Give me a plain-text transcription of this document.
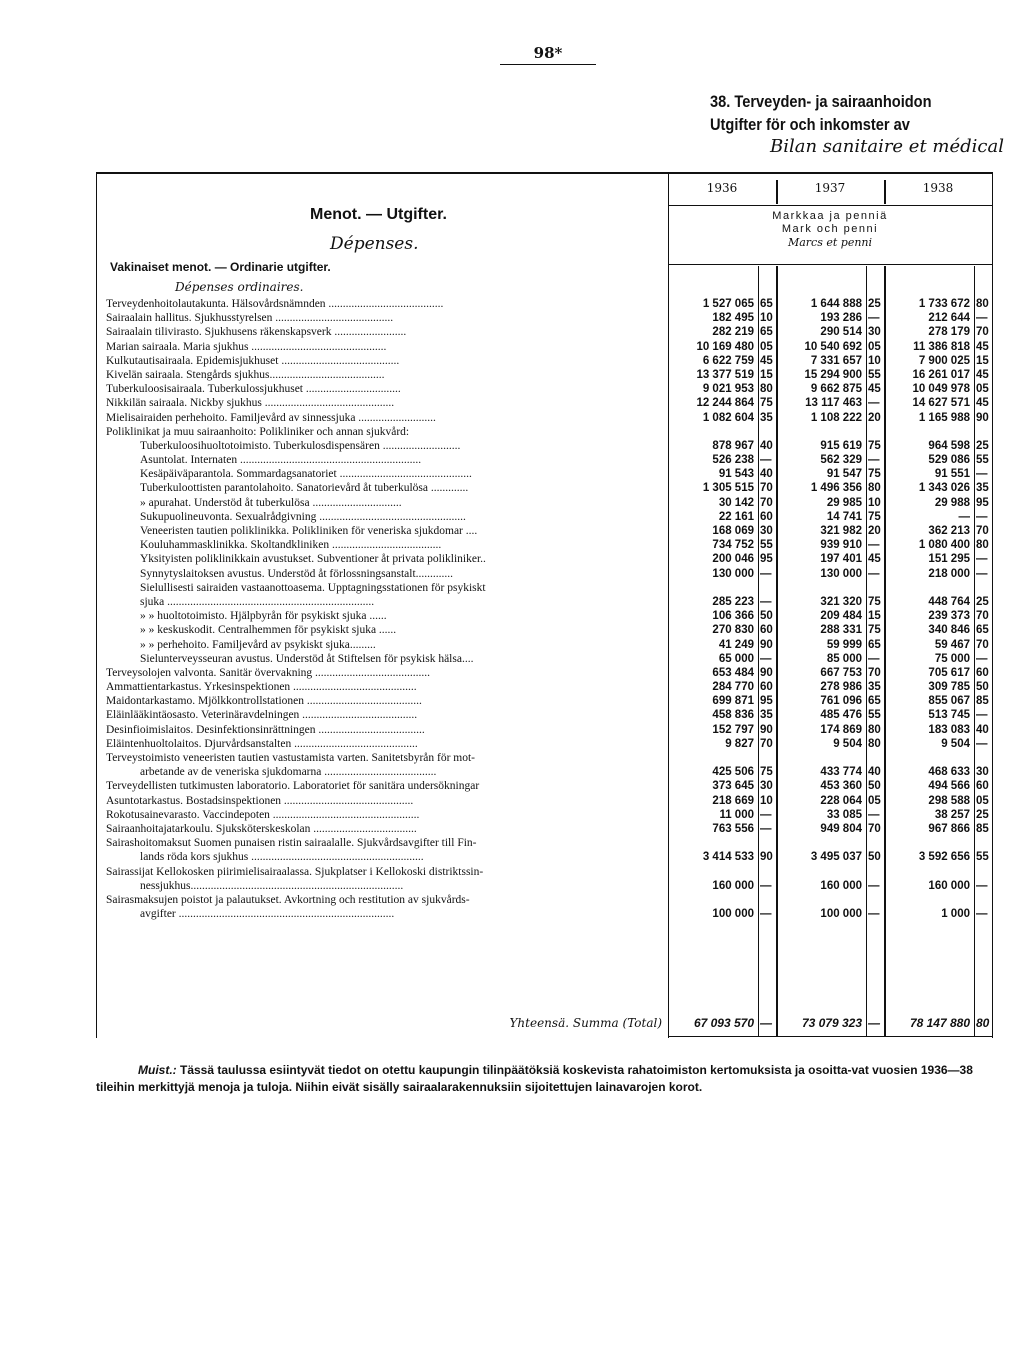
98*
38. Terveyden- ja sairaanhoidon
Utgifter för och inkomster av
Bilan sanitaire et médical
Menot. — Utgifter.
Dépenses.
Vakinaiset menot. — Ordinarie utgifter.
Dépenses ordinaires.
1936	1937	1938
Markkaa ja penniä
Mark och penni
Marcs et penni
Terveydenhoitolautakunta. Hälsovårdsnämnden ........................................	1 527 065 65	1 644 888 25	1 733 672 80
Sairaalain hallitus. Sjukhusstyrelsen .........................................	182 495 10	193 286 —	212 644 —
Sairaalain tilivirasto. Sjukhusens räkenskapsverk .........................	282 219 65	290 514 30	278 179 70
Marian sairaala. Maria sjukhus ...............................................	10 169 480 05	10 540 692 05	11 386 818 45
Kulkutautisairaala. Epidemisjukhuset .........................................	6 622 759 45	7 331 657 10	7 900 025 15
Kivelän sairaala. Stengårds sjukhus........................................	13 377 519 15	15 294 900 55	16 261 017 45
Tuberkuloosisairaala. Tuberkulossjukhuset .................................	9 021 953 80	9 662 875 45	10 049 978 05
Nikkilän sairaala. Nickby sjukhus .............................................	12 244 864 75	13 117 463 —	14 627 571 45
Mielisairaiden perhehoito. Familjevård av sinnessjuka ...........................	1 082 604 35	1 108 222 20	1 165 988 90
Poliklinikat ja muu sairaanhoito: Polikliniker och annan sjukvård:
Tuberkuloosihuoltotoimisto. Tuberkulosdispensären ...........................	878 967 40	915 619 75	964 598 25
Asuntolat. Internaten ...............................................................	526 238 —	562 329 —	529 086 55
Kesäpäiväparantola. Sommardagsanatoriet ..............................................	91 543 40	91 547 75	91 551 —
Tuberkuloottisten parantolahoito. Sanatorievård åt tuberkulösa .............	1 305 515 70	1 496 356 80	1 343 026 35
» apurahat. Understöd åt tuberkulösa ...............................	30 142 70	29 985 10	29 988 95
Sukupuolineuvonta. Sexualrådgivning ...................................................	22 161 60	14 741 75	— —
Veneeristen tautien poliklinikka. Polikliniken för veneriska sjukdomar ....	168 069 30	321 982 20	362 213 70
Kouluhammasklinikka. Skoltandkliniken ......................................	734 752 55	939 910 —	1 080 400 80
Yksityisten poliklinikkain avustukset. Subventioner åt privata polikliniker..	200 046 95	197 401 45	151 295 —
Synnytyslaitoksen avustus. Understöd åt förlossningsanstalt.............	130 000 —	130 000 —	218 000 —
Sielullisesti sairaiden vastaanottoasema. Upptagningsstationen för psykiskt
sjuka ........................................................................	285 223 —	321 320 75	448 764 25
» » huoltotoimisto. Hjälpbyrån för psykiskt sjuka ......	106 366 50	209 484 15	239 373 70
» » keskuskodit. Centralhemmen för psykiskt sjuka ......	270 830 60	288 331 75	340 846 65
» » perhehoito. Familjevård av psykiskt sjuka.........	41 249 90	59 999 65	59 467 70
Sielunterveysseuran avustus. Understöd åt Stiftelsen för psykisk hälsa....	65 000 —	85 000 —	75 000 —
Terveysolojen valvonta. Sanitär övervakning ........................................	653 484 90	667 753 70	705 617 60
Ammattientarkastus. Yrkesinspektionen ...........................................	284 770 60	278 986 35	309 785 50
Maidontarkastamo. Mjölkkontrollstationen ........................................	699 871 95	761 096 65	855 067 85
Eläinlääkintäosasto. Veterinäravdelningen ........................................	458 836 35	485 476 55	513 745 —
Desinfioimislaitos. Desinfektionsinrättningen .....................................	152 797 90	174 869 80	183 083 40
Eläintenhuoltolaitos. Djurvårdsanstalten ...........................................	9 827 70	9 504 80	9 504 —
Terveystoimisto veneeristen tautien vastustamista varten. Sanitetsbyrån för mot-
arbetande av de veneriska sjukdomarna .......................................	425 506 75	433 774 40	468 633 30
Terveydellisten tutkimusten laboratorio. Laboratoriet för sanitära undersökningar	373 645 30	453 360 50	494 566 60
Asuntotarkastus. Bostadsinspektionen .............................................	218 669 10	228 064 05	298 588 05
Rokotusainevarasto. Vaccindepoten ...................................................	11 000 —	33 085 —	38 257 25
Sairaanhoitajatarkoulu. Sjuksköterskeskolan ....................................	763 556 —	949 804 70	967 866 85
Sairashoitomaksut Suomen punaisen ristin sairaalalle. Sjukvårdsavgifter till Fin-
lands röda kors sjukhus ............................................................	3 414 533 90	3 495 037 50	3 592 656 55
Sairassijat Kellokosken piirimielisairaalassa. Sjukplatser i Kellokoski distriktssin-
nessjukhus..........................................................................	160 000 —	160 000 —	160 000 —
Sairasmaksujen poistot ja palautukset. Avkortning och restitution av sjukvårds-
avgifter ...........................................................................	100 000 —	100 000 —	1 000 —
Yhteensä. Summa (Total)	67 093 570 —	73 079 323 —	78 147 880 80
Muist.: Tässä taulussa esiintyvät tiedot on otettu kaupungin tilinpäätöksiä koskevista rahatoimiston kertomuksista ja osoitta-vat vuosien 1936—38 tileihin merkittyjä menoja ja tuloja. Niihin eivät sisälly sairaalarakennuksiin sijoitettujen lainavarojen korot.
